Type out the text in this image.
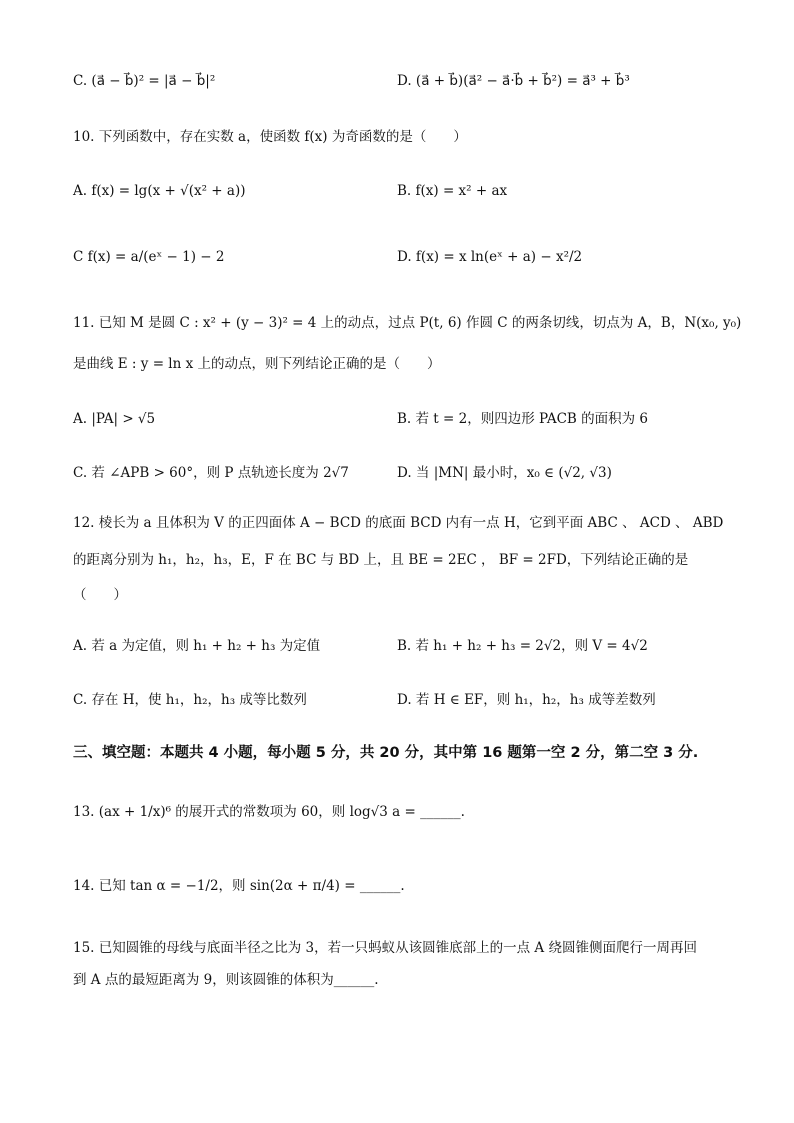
C. (a⃗ − b⃗)² = |a⃗ − b⃗|²	D. (a⃗ + b⃗)(a⃗² − a⃗·b⃗ + b⃗²) = a⃗³ + b⃗³
10. 下列函数中，存在实数 a，使函数 f(x) 为奇函数的是（　　）
A. f(x) = lg(x + √(x² + a))	B. f(x) = x² + ax
C f(x) = a/(eˣ − 1) − 2	D. f(x) = x ln(eˣ + a) − x²/2
11. 已知 M 是圆 C : x² + (y − 3)² = 4 上的动点，过点 P(t, 6) 作圆 C 的两条切线，切点为 A，B，N(x₀, y₀)
是曲线 E : y = ln x 上的动点，则下列结论正确的是（　　）
A. |PA| > √5	B. 若 t = 2，则四边形 PACB 的面积为 6
C. 若 ∠APB > 60°，则 P 点轨迹长度为 2√7	D. 当 |MN| 最小时，x₀ ∈ (√2, √3)
12. 棱长为 a 且体积为 V 的正四面体 A − BCD 的底面 BCD 内有一点 H，它到平面 ABC 、 ACD 、 ABD
的距离分别为 h₁，h₂，h₃，E，F 在 BC 与 BD 上，且 BE = 2EC ， BF = 2FD，下列结论正确的是
（　　）
A. 若 a 为定值，则 h₁ + h₂ + h₃ 为定值	B. 若 h₁ + h₂ + h₃ = 2√2，则 V = 4√2
C. 存在 H，使 h₁，h₂，h₃ 成等比数列	D. 若 H ∈ EF，则 h₁，h₂，h₃ 成等差数列
三、填空题：本题共 4 小题，每小题 5 分，共 20 分，其中第 16 题第一空 2 分，第二空 3 分.
13. (ax + 1/x)⁶ 的展开式的常数项为 60，则 log√3 a = ______.
14. 已知 tan α = −1/2，则 sin(2α + π/4) = ______.
15. 已知圆锥的母线与底面半径之比为 3，若一只蚂蚁从该圆锥底部上的一点 A 绕圆锥侧面爬行一周再回
到 A 点的最短距离为 9，则该圆锥的体积为______.
